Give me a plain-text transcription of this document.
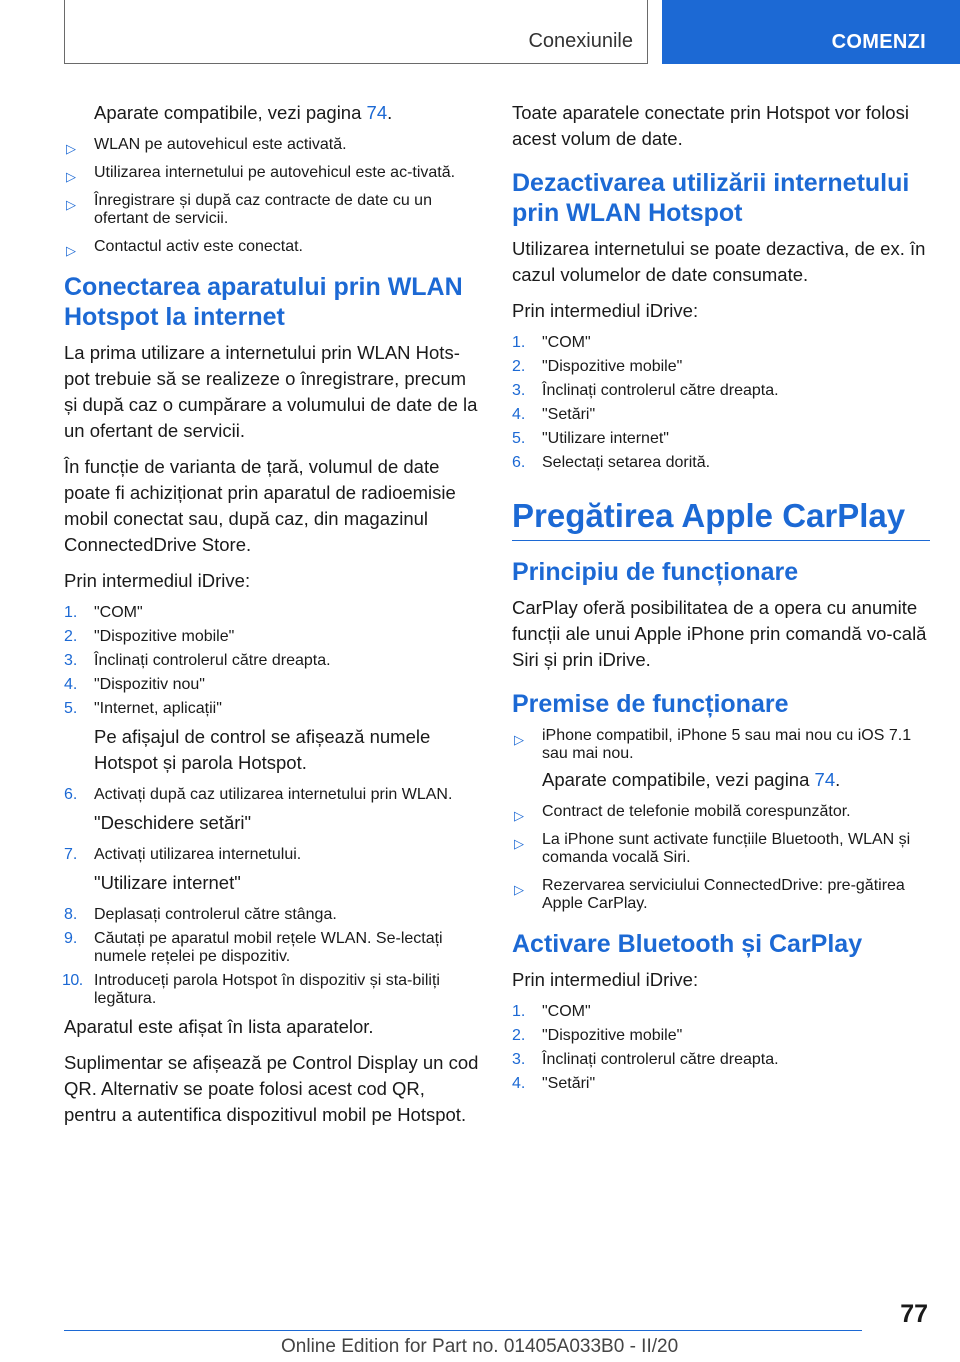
Conexiunile	COMENZI

Aparate compatibile, vezi pagina 74.

▷ WLAN pe autovehicul este activată.
▷ Utilizarea internetului pe autovehicul este ac-tivată.
▷ Înregistrare și după caz contracte de date cu un ofertant de servicii.
▷ Contactul activ este conectat.
Conectarea aparatului prin WLAN Hotspot la internet

La prima utilizare a internetului prin WLAN Hots-pot trebuie să se realizeze o înregistrare, precum și după caz o cumpărare a volumului de date de la un ofertant de servicii.

În funcție de varianta de țară, volumul de date poate fi achiziționat prin aparatul de radioemisie mobil conectat sau, după caz, din magazinul ConnectedDrive Store.

Prin intermediul iDrive:

1. "COM"
2. "Dispozitive mobile"
3. Înclinați controlerul către dreapta.
4. "Dispozitiv nou"
5. "Internet, aplicații"

Pe afișajul de control se afișează numele Hotspot și parola Hotspot.

6. Activați după caz utilizarea internetului prin WLAN.

"Deschidere setări"

7. Activați utilizarea internetului.

"Utilizare internet"

8. Deplasați controlerul către stânga.
9. Căutați pe aparatul mobil rețele WLAN. Se-lectați numele rețelei pe dispozitiv.
10. Introduceți parola Hotspot în dispozitiv și sta-biliți legătura.

Aparatul este afișat în lista aparatelor.

Suplimentar se afișează pe Control Display un cod QR. Alternativ se poate folosi acest cod QR, pentru a autentifica dispozitivul mobil pe Hotspot.

Toate aparatele conectate prin Hotspot vor folosi acest volum de date.

Dezactivarea utilizării internetului prin WLAN Hotspot

Utilizarea internetului se poate dezactiva, de ex. în cazul volumelor de date consumate.

Prin intermediul iDrive:

1. "COM"
2. "Dispozitive mobile"
3. Înclinați controlerul către dreapta.
4. "Setări"
5. "Utilizare internet"
6. Selectați setarea dorită.
Pregătirea Apple CarPlay
Principiu de funcționare

CarPlay oferă posibilitatea de a opera cu anumite funcții ale unui Apple iPhone prin comandă vo-cală Siri și prin iDrive.

Premise de funcționare
▷ iPhone compatibil, iPhone 5 sau mai nou cu iOS 7.1 sau mai nou.

Aparate compatibile, vezi pagina 74.

▷ Contract de telefonie mobilă corespunzător.
▷ La iPhone sunt activate funcțiile Bluetooth, WLAN și comanda vocală Siri.
▷ Rezervarea serviciului ConnectedDrive: pre-gătirea Apple CarPlay.
Activare Bluetooth și CarPlay

Prin intermediul iDrive:

1. "COM"
2. "Dispozitive mobile"
3. Înclinați controlerul către dreapta.
4. "Setări"
77
Online Edition for Part no. 01405A033B0 - II/20
